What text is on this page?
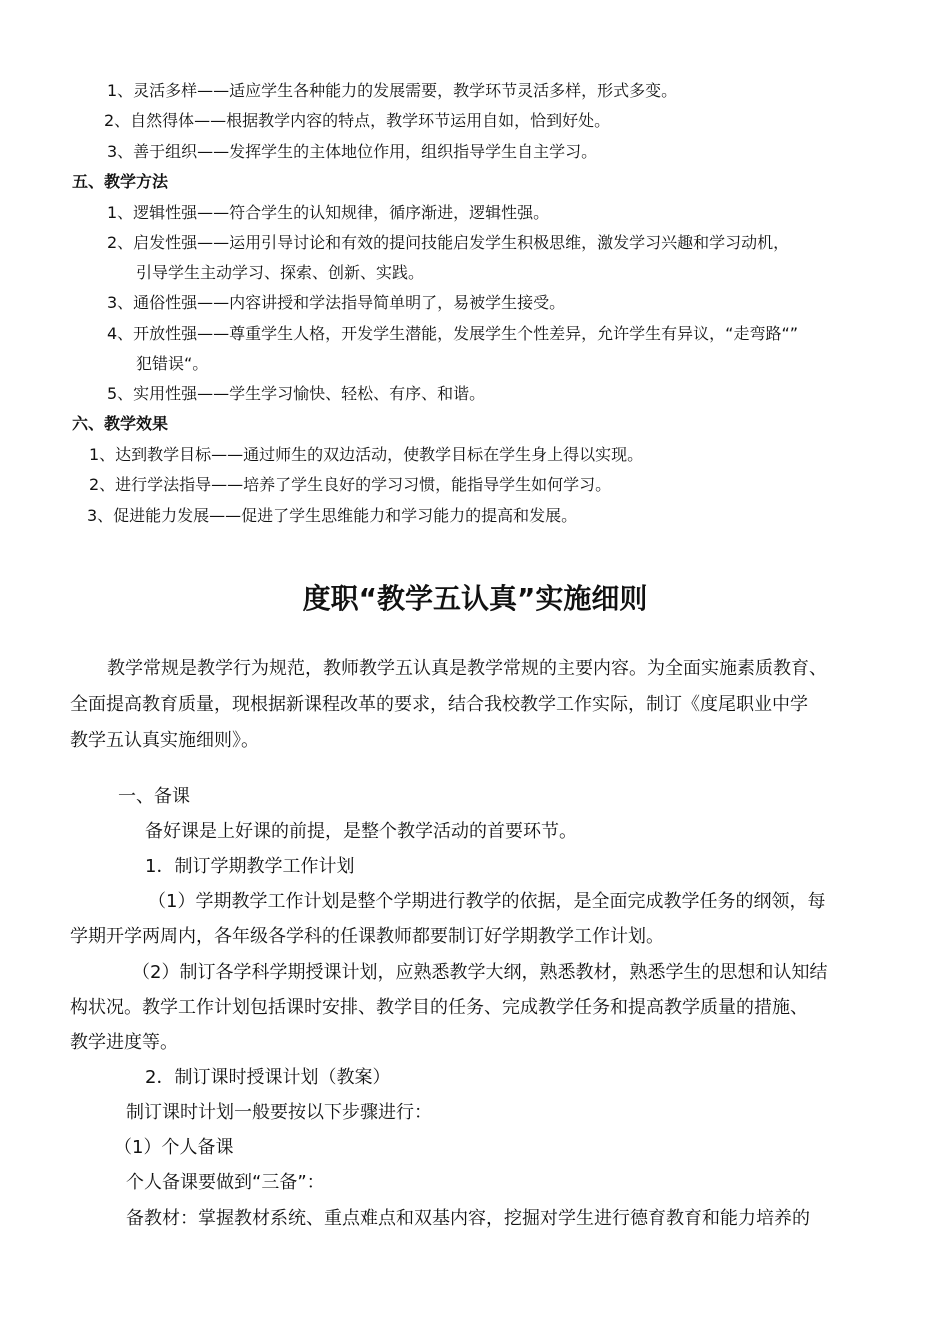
1、灵活多样——适应学生各种能力的发展需要，教学环节灵活多样，形式多变。
2、自然得体——根据教学内容的特点，教学环节运用自如，恰到好处。
3、善于组织——发挥学生的主体地位作用，组织指导学生自主学习。
五、教学方法
1、逻辑性强——符合学生的认知规律，循序渐进，逻辑性强。
2、启发性强——运用引导讨论和有效的提问技能启发学生积极思维，激发学习兴趣和学习动机，
引导学生主动学习、探索、创新、实践。
3、通俗性强——内容讲授和学法指导简单明了，易被学生接受。
4、开放性强——尊重学生人格，开发学生潜能，发展学生个性差异，允许学生有异议，“走弯路“”
犯错误“。
5、实用性强——学生学习愉快、轻松、有序、和谐。
六、教学效果
1、达到教学目标——通过师生的双边活动，使教学目标在学生身上得以实现。
2、进行学法指导——培养了学生良好的学习习惯，能指导学生如何学习。
3、促进能力发展——促进了学生思维能力和学习能力的提高和发展。
度职“教学五认真”实施细则
教学常规是教学行为规范，教师教学五认真是教学常规的主要内容。为全面实施素质教育、
全面提高教育质量，现根据新课程改革的要求，结合我校教学工作实际，制订《度尾职业中学
教学五认真实施细则》。
一、备课
备好课是上好课的前提，是整个教学活动的首要环节。
1．制订学期教学工作计划
（1）学期教学工作计划是整个学期进行教学的依据，是全面完成教学任务的纲领，每
学期开学两周内，各年级各学科的任课教师都要制订好学期教学工作计划。
（2）制订各学科学期授课计划，应熟悉教学大纲，熟悉教材，熟悉学生的思想和认知结
构状况。教学工作计划包括课时安排、教学目的任务、完成教学任务和提高教学质量的措施、
教学进度等。
2．制订课时授课计划（教案）
制订课时计划一般要按以下步骤进行：
（1）个人备课
个人备课要做到“三备”：
备教材：掌握教材系统、重点难点和双基内容，挖掘对学生进行德育教育和能力培养的
